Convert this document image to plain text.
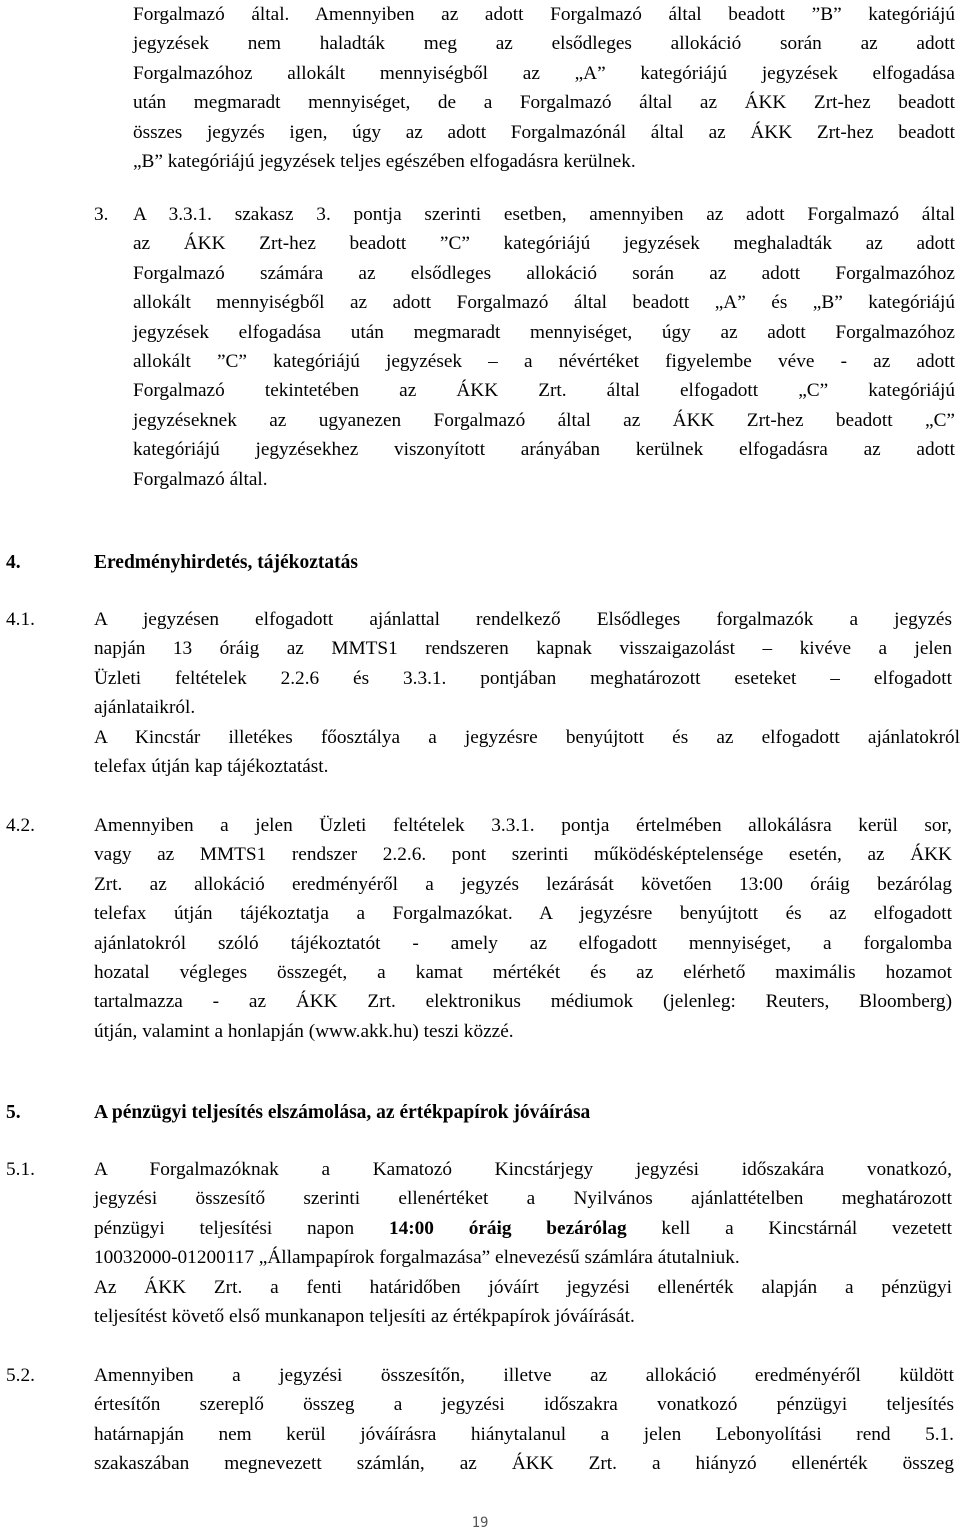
Forgalmazó által. Amennyiben az adott Forgalmazó által beadott ”B” kategóriájú
jegyzések nem haladták meg az elsődleges allokáció során az adott
Forgalmazóhoz allokált mennyiségből az „A” kategóriájú jegyzések elfogadása
után megmaradt mennyiséget, de a Forgalmazó által az ÁKK Zrt-hez beadott
összes jegyzés igen, úgy az adott Forgalmazónál által az ÁKK Zrt-hez beadott
„B” kategóriájú jegyzések teljes egészében elfogadásra kerülnek.
3. A 3.3.1. szakasz 3. pontja szerinti esetben, amennyiben az adott Forgalmazó által
az ÁKK Zrt-hez beadott ”C” kategóriájú jegyzések meghaladták az adott
Forgalmazó számára az elsődleges allokáció során az adott Forgalmazóhoz
allokált mennyiségből az adott Forgalmazó által beadott „A” és „B” kategóriájú
jegyzések elfogadása után megmaradt mennyiséget, úgy az adott Forgalmazóhoz
allokált ”C” kategóriájú jegyzések – a névértéket figyelembe véve - az adott
Forgalmazó tekintetében az ÁKK Zrt. által elfogadott „C” kategóriájú
jegyzéseknek az ugyanezen Forgalmazó által az ÁKK Zrt-hez beadott „C”
kategóriájú jegyzésekhez viszonyított arányában kerülnek elfogadásra az adott
Forgalmazó által.
4.	Eredményhirdetés, tájékoztatás
4.1.	A jegyzésen elfogadott ajánlattal rendelkező Elsődleges forgalmazók a jegyzés
napján 13 óráig az MMTS1 rendszeren kapnak visszaigazolást – kivéve a jelen
Üzleti feltételek 2.2.6 és 3.3.1. pontjában meghatározott eseteket – elfogadott
ajánlataikról.
A Kincstár illetékes főosztálya a jegyzésre benyújtott és az elfogadott ajánlatokról
telefax útján kap tájékoztatást.
4.2.	Amennyiben a jelen Üzleti feltételek 3.3.1. pontja értelmében allokálásra kerül sor,
vagy az MMTS1 rendszer 2.2.6. pont szerinti működésképtelensége esetén, az ÁKK
Zrt. az allokáció eredményéről a jegyzés lezárását követően 13:00 óráig bezárólag
telefax útján tájékoztatja a Forgalmazókat. A jegyzésre benyújtott és az elfogadott
ajánlatokról szóló tájékoztatót - amely az elfogadott mennyiséget, a forgalomba
hozatal végleges összegét, a kamat mértékét és az elérhető maximális hozamot
tartalmazza - az ÁKK Zrt. elektronikus médiumok (jelenleg: Reuters, Bloomberg)
útján, valamint a honlapján (www.akk.hu) teszi közzé.
5.	A pénzügyi teljesítés elszámolása, az értékpapírok jóváírása
5.1.	A Forgalmazóknak a Kamatozó Kincstárjegy jegyzési időszakára vonatkozó,
jegyzési összesítő szerinti ellenértéket a Nyilvános ajánlattételben meghatározott
pénzügyi teljesítési napon 14:00 óráig bezárólag kell a Kincstárnál vezetett
10032000-01200117 „Állampapírok forgalmazása” elnevezésű számlára átutalniuk.
Az ÁKK Zrt. a fenti határidőben jóváírt jegyzési ellenérték alapján a pénzügyi
teljesítést követő első munkanapon teljesíti az értékpapírok jóváírását.
5.2.	Amennyiben a jegyzési összesítőn, illetve az allokáció eredményéről küldött
értesítőn szereplő összeg a jegyzési időszakra vonatkozó pénzügyi teljesítés
határnapján nem kerül jóváírásra hiánytalanul a jelen Lebonyolítási rend 5.1.
szakaszában megnevezett számlán, az ÁKK Zrt. a hiányzó ellenérték összeg
19
